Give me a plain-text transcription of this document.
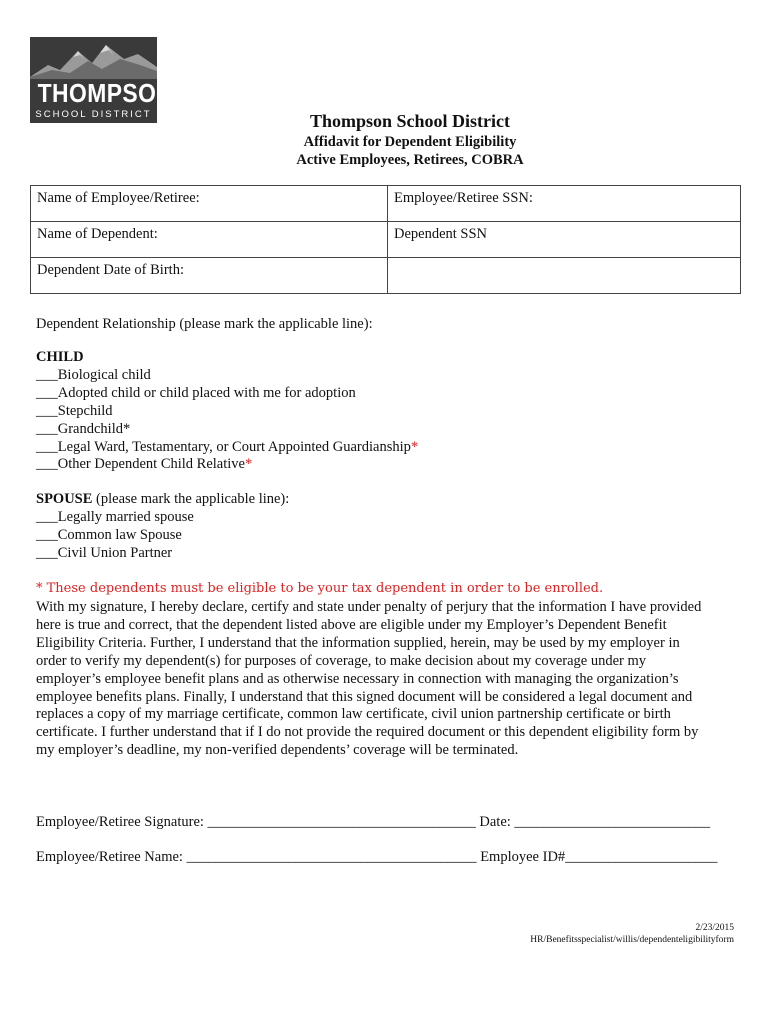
THOMPSON
SCHOOL DISTRICT	Thompson School District
Affidavit for Dependent Eligibility
Active Employees, Retirees, COBRA
Name of Employee/Retiree:	Employee/Retiree SSN:
Name of Dependent:	Dependent SSN
Dependent Date of Birth:	
Dependent Relationship (please mark the applicable line):
CHILD
___Biological child
___Adopted child or child placed with me for adoption
___Stepchild
___Grandchild*
___Legal Ward, Testamentary, or Court Appointed Guardianship*
___Other Dependent Child Relative*
SPOUSE (please mark the applicable line):
___Legally married spouse
___Common law Spouse
___Civil Union Partner
* These dependents must be eligible to be your tax dependent in order to be enrolled.
With my signature, I hereby declare, certify and state under penalty of perjury that the information I have provided
here is true and correct, that the dependent listed above are eligible under my Employer’s Dependent Benefit
Eligibility Criteria. Further, I understand that the information supplied, herein, may be used by my employer in
order to verify my dependent(s) for purposes of coverage, to make decision about my coverage under my
employer’s employee benefit plans and as otherwise necessary in connection with managing the organization’s
employee benefits plans. Finally, I understand that this signed document will be considered a legal document and
replaces a copy of my marriage certificate, common law certificate, civil union partnership certificate or birth
certificate. I further understand that if I do not provide the required document or this dependent eligibility form by
my employer’s deadline, my non-verified dependents’ coverage will be terminated.
Employee/Retiree Signature: _____________________________________ Date: ___________________________
Employee/Retiree Name: ________________________________________ Employee ID#_____________________
2/23/2015
HR/Benefitsspecialist/willis/dependenteligibilityform
